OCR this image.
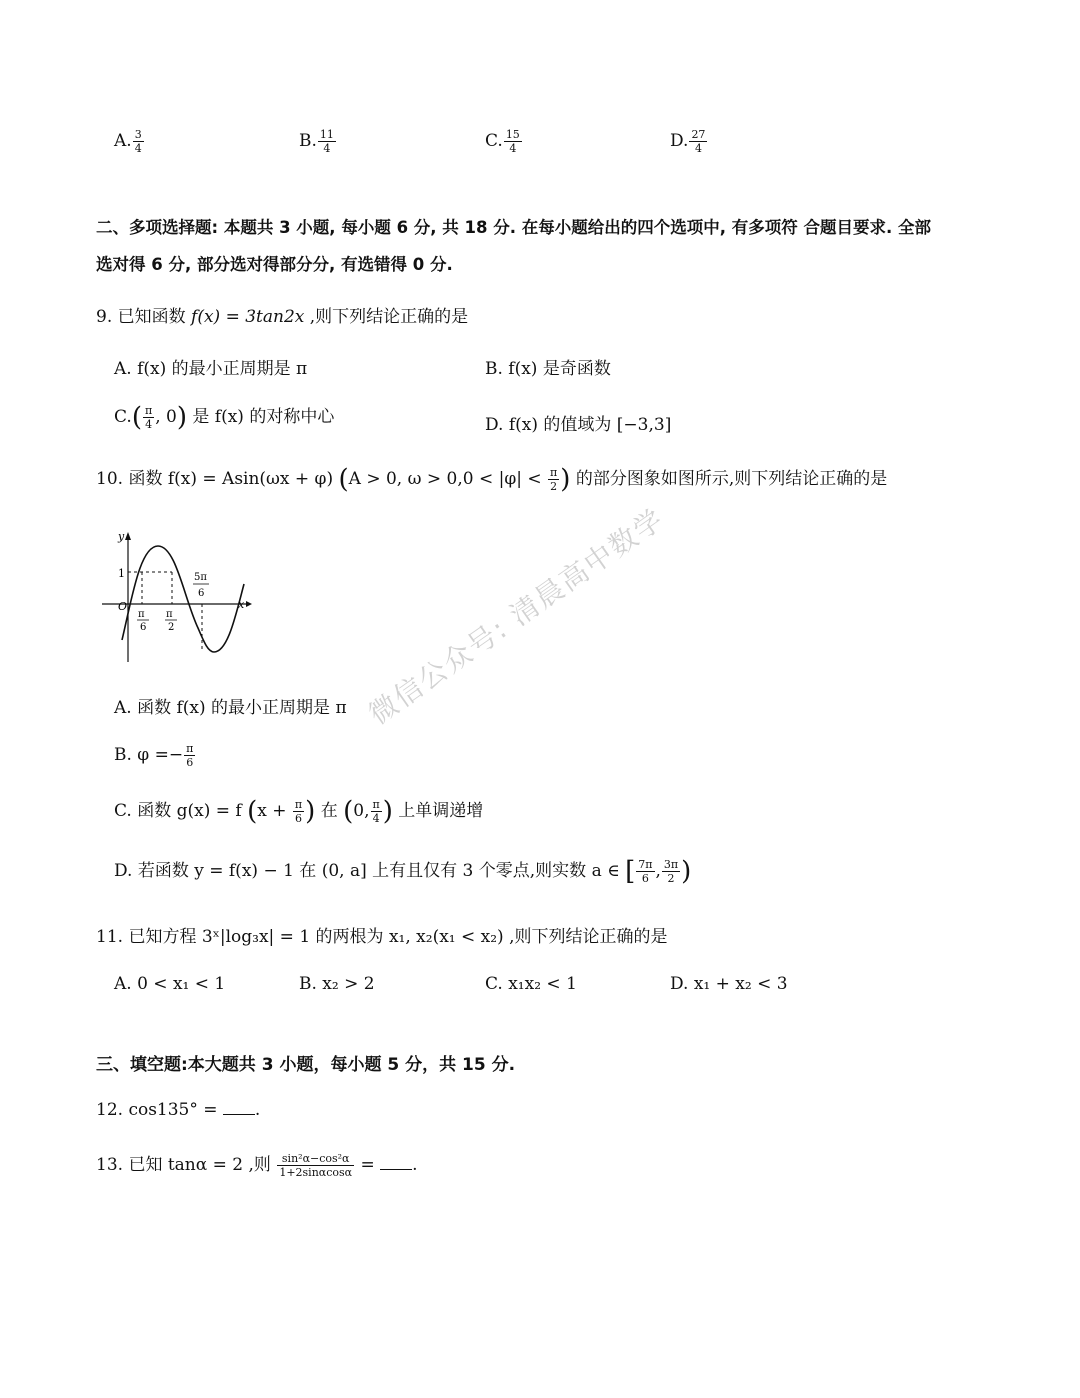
A. $\frac{3}{4}$	B. $\frac{11}{4}$	C. $\frac{15}{4}$	D. $\frac{27}{4}$
二、多项选择题: 本题共 3 小题, 每小题 6 分, 共 18 分. 在每小题给出的四个选项中, 有多项符 合题目要求. 全部
选对得 6 分, 部分选对得部分分, 有选错得 0 分.
9. 已知函数 f(x) = 3tan2x ,则下列结论正确的是
A. f(x) 的最小正周期是 π	B. f(x) 是奇函数
$C.( \frac{\pi}{4}$ , 0) 是 f(x) 的对称中心	D. f(x) 的值域为 [−3,3]
10. 函数 f(x) = Asin(ωx + φ) (A > 0, $\omega > 0,0 < |\varphi| < \frac{\pi}{2}$ ) 的部分图象如图所示,则下列结论正确的是
y
x
O
1
π
6
π
2
5π
6
A. 函数 f(x) 的最小正周期是 π
B. $\varphi =- \frac{\pi}{6}$
C. 函数 g(x) = f ($x + \frac{\pi}{6}$ ) 在 (0, $\frac{\pi}{4}$ ) 上单调递增
D. 若函数 y = f(x) − 1 在 (0, a] 上有且仅有 3 个零点,则实数 a ∈ [ $\frac{7\pi}{6}$ , $\frac{3\pi}{2}$ )
11. 已知方程 3ˣ|log₃x| = 1 的两根为 x₁, x₂(x₁ < x₂) ,则下列结论正确的是
A. 0 < x₁ < 1	B. x₂ > 2	C. x₁x₂ < 1	D. x₁ + x₂ < 3
三、填空题:本大题共 3 小题，每小题 5 分，共 15 分.
12. cos135° = .
13. 已知 tanα = 2 ,则 $\frac{\text{sin²α−cos²α}}{1+2\sin\alpha\cos\alpha}$ = .
微信公众号: 清晨高中数学
